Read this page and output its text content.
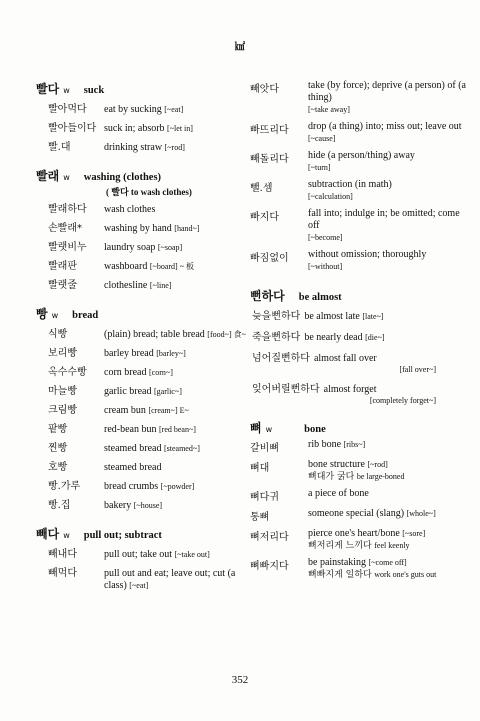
㎢
빨다 w suck
빨아먹다	eat by sucking [~eat]
빨아들이다 suck in; absorb [~let in]
빨.대	drinking straw [~rod]
빨래 w washing (clothes)
( 빨다 to wash clothes)
빨래하다	wash clothes
손빨래*	washing by hand [hand~]
빨랫비누	laundry soap [~soap]
빨래판	washboard [~board] ~ 板
빨랫줄	clothesline [~line]
빵 w bread
식빵	(plain) bread; table bread [food~] 食~
보리빵	barley bread [barley~]
옥수수빵	corn bread [corn~]
마늘빵	garlic bread [garlic~]
크림빵	cream bun [cream~] E~
팥빵	red-bean bun [red bean~]
찐빵	steamed bread [steamed~]
호빵	steamed bread
빵.가루	bread crumbs [~powder]
빵.집	bakery [~house]
빼다 w pull out; subtract
빼내다	pull out; take out [~take out]
빼먹다	pull out and eat; leave out; cut (a class) [~eat]
빼앗다	take (by force); deprive (a person) of (a thing)
[~take away]
빠뜨리다	drop (a thing) into; miss out; leave out
[~cause]
빼돌리다	hide (a person/thing) away
[~turn]
뺄.셈	subtraction (in math)
[~calculation]
빠지다	fall into; indulge in; be omitted; come off
[~become]
빠짐없이	without omission; thoroughly
[~without]
뻔하다 be almost
늦을뻔하다 be almost late [late~]
죽을뻔하다 be nearly dead [die~]
넘어질뻔하다 almost fall over
[fall over~]
잊어버릴뻔하다 almost forget
[completely forget~]
뼈 w	bone
갈비뼈	rib bone [ribs~]
뼈대	bone structure [~rod]
뼈대가 굵다 be large-boned
뼈다귀	a piece of bone
통뼈	someone special (slang) [whole~]
뼈저리다	pierce one's heart/bone [~sore]
뼈저리게 느끼다 feel keenly
뼈빠지다	be painstaking [~come off]
뼈빠지게 일하다 work one's guts out
352
